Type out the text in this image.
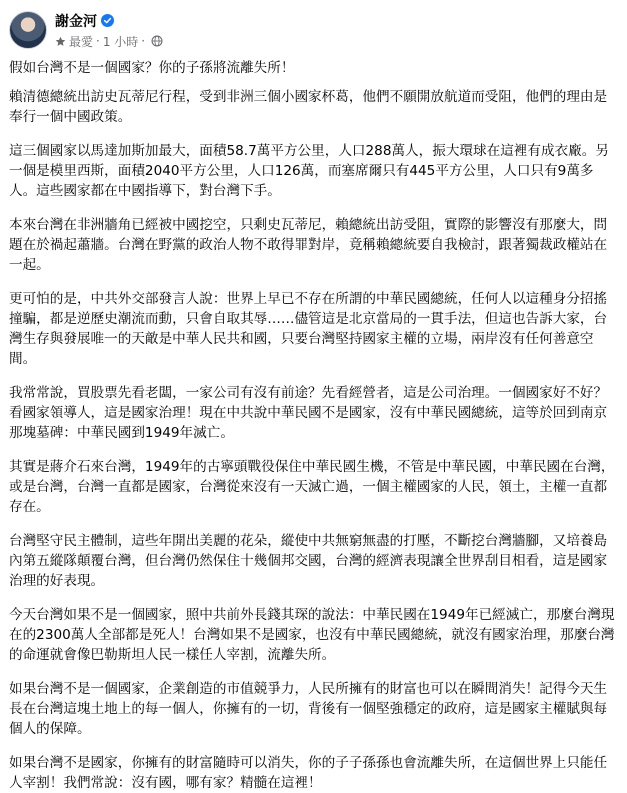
謝金河
最愛 · 1 小時 ·

假如台灣不是一個國家？你的子孫將流離失所！

賴清德總統出訪史瓦蒂尼行程，受到非洲三個小國家杯葛，他們不願開放航道而受阻，他們的理由是奉行一個中國政策。

這三個國家以馬達加斯加最大，面積58.7萬平方公里，人口288萬人，振大環球在這裡有成衣廠。另一個是模里西斯，面積2040平方公里，人口126萬，而塞席爾只有445平方公里，人口只有9萬多人。這些國家都在中國指導下，對台灣下手。

本來台灣在非洲牆角已經被中國挖空，只剩史瓦蒂尼，賴總統出訪受阻，實際的影響沒有那麼大，問題在於禍起蕭牆。台灣在野黨的政治人物不敢得罪對岸，竟稱賴總統要自我檢討，跟著獨裁政權站在一起。

更可怕的是，中共外交部發言人說：世界上早已不存在所謂的中華民國總統，任何人以這種身分招搖撞騙，都是逆歷史潮流而動，只會自取其辱……儘管這是北京當局的一貫手法，但這也告訴大家，台灣生存與發展唯一的天敵是中華人民共和國，只要台灣堅持國家主權的立場，兩岸沒有任何善意空間。

我常常說，買股票先看老闆，一家公司有沒有前途？先看經營者，這是公司治理。一個國家好不好？看國家領導人，這是國家治理！現在中共說中華民國不是國家，沒有中華民國總統，這等於回到南京那塊墓碑：中華民國到1949年滅亡。

其實是蔣介石來台灣，1949年的古寧頭戰役保住中華民國生機，不管是中華民國，中華民國在台灣，或是台灣，台灣一直都是國家，台灣從來沒有一天滅亡過，一個主權國家的人民，領土，主權一直都存在。

台灣堅守民主體制，這些年開出美麗的花朵，縱使中共無窮無盡的打壓，不斷挖台灣牆腳，又培養島內第五縱隊顛覆台灣，但台灣仍然保住十幾個邦交國，台灣的經濟表現讓全世界刮目相看，這是國家治理的好表現。

今天台灣如果不是一個國家，照中共前外長錢其琛的說法：中華民國在1949年已經滅亡，那麼台灣現在的2300萬人全部都是死人！台灣如果不是國家，也沒有中華民國總統，就沒有國家治理，那麼台灣的命運就會像巴勒斯坦人民一樣任人宰割，流離失所。

如果台灣不是一個國家，企業創造的市值競爭力，人民所擁有的財富也可以在瞬間消失！記得今天生長在台灣這塊土地上的每一個人，你擁有的一切，背後有一個堅強穩定的政府，這是國家主權賦與每個人的保障。

如果台灣不是國家，你擁有的財富隨時可以消失，你的子子孫孫也會流離失所，在這個世界上只能任人宰割！我們常說：沒有國，哪有家？精髓在這裡！
